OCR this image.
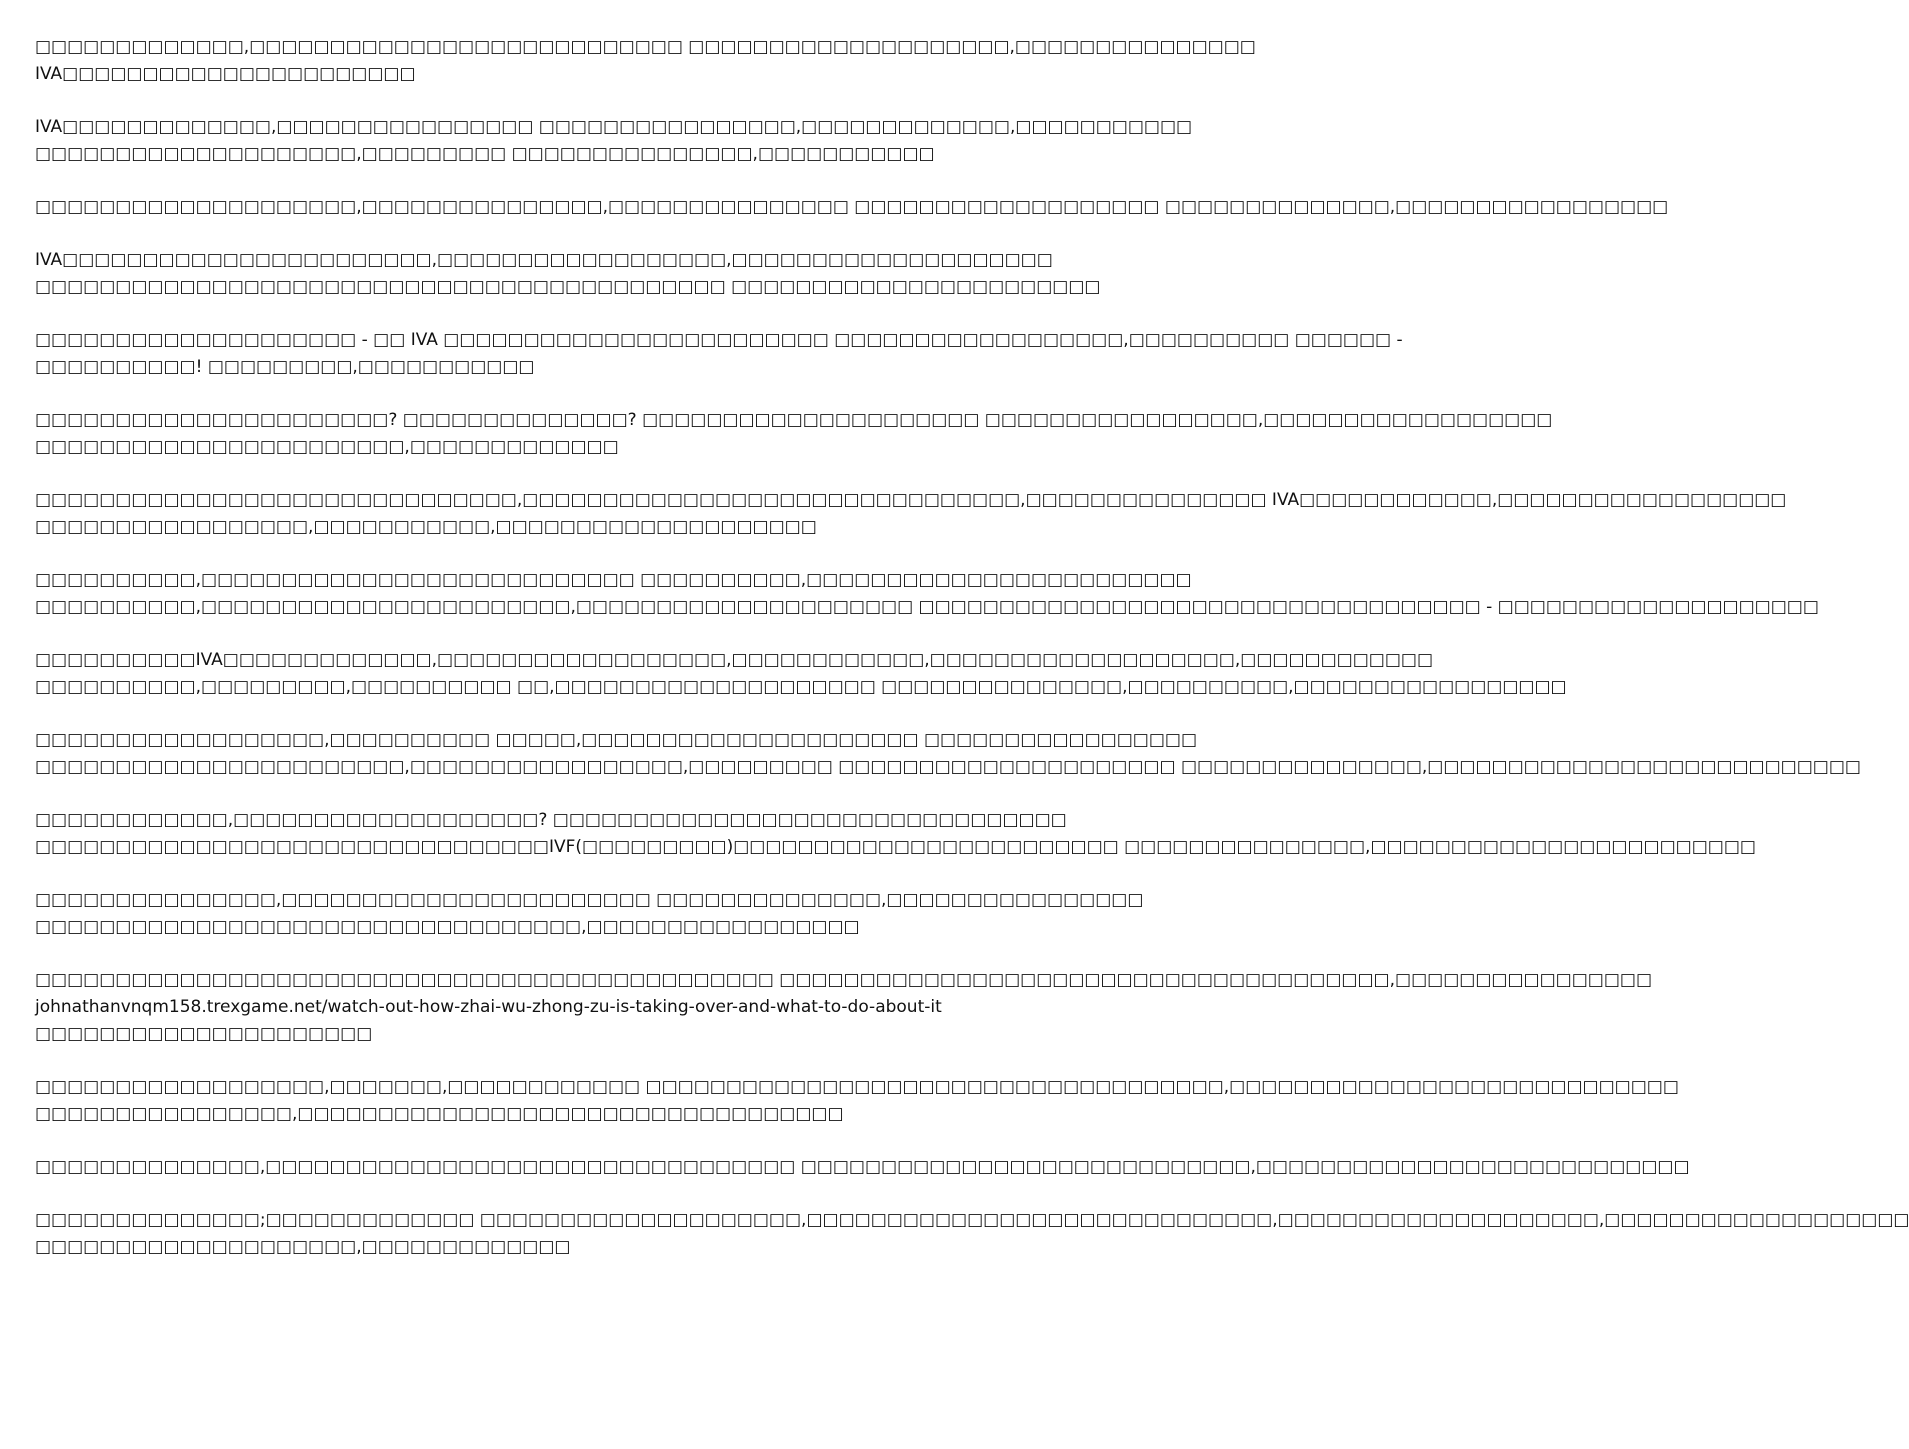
□□□□□□□□□□□□□,□□□□□□□□□□□□□□□□□□□□□□□□□□□ □□□□□□□□□□□□□□□□□□□□,□□□□□□□□□□□□□□□
IVA□□□□□□□□□□□□□□□□□□□□□□

IVA□□□□□□□□□□□□□,□□□□□□□□□□□□□□□□ □□□□□□□□□□□□□□□□,□□□□□□□□□□□□□,□□□□□□□□□□□
□□□□□□□□□□□□□□□□□□□□,□□□□□□□□□ □□□□□□□□□□□□□□□,□□□□□□□□□□□

□□□□□□□□□□□□□□□□□□□□,□□□□□□□□□□□□□□□,□□□□□□□□□□□□□□□ □□□□□□□□□□□□□□□□□□□ □□□□□□□□□□□□□□,□□□□□□□□□□□□□□□□□

IVA□□□□□□□□□□□□□□□□□□□□□□□,□□□□□□□□□□□□□□□□□□,□□□□□□□□□□□□□□□□□□□□
□□□□□□□□□□□□□□□□□□□□□□□□□□□□□□□□□□□□□□□□□□□ □□□□□□□□□□□□□□□□□□□□□□□

□□□□□□□□□□□□□□□□□□□□ - □□ IVA □□□□□□□□□□□□□□□□□□□□□□□□ □□□□□□□□□□□□□□□□□□,□□□□□□□□□□ □□□□□□ -
□□□□□□□□□□! □□□□□□□□□,□□□□□□□□□□□

□□□□□□□□□□□□□□□□□□□□□□? □□□□□□□□□□□□□□? □□□□□□□□□□□□□□□□□□□□□ □□□□□□□□□□□□□□□□□,□□□□□□□□□□□□□□□□□□
□□□□□□□□□□□□□□□□□□□□□□□,□□□□□□□□□□□□□

□□□□□□□□□□□□□□□□□□□□□□□□□□□□□□,□□□□□□□□□□□□□□□□□□□□□□□□□□□□□□□,□□□□□□□□□□□□□□□ IVA□□□□□□□□□□□□,□□□□□□□□□□□□□□□□□□
□□□□□□□□□□□□□□□□□,□□□□□□□□□□□,□□□□□□□□□□□□□□□□□□□□

□□□□□□□□□□,□□□□□□□□□□□□□□□□□□□□□□□□□□□ □□□□□□□□□□,□□□□□□□□□□□□□□□□□□□□□□□□
□□□□□□□□□□,□□□□□□□□□□□□□□□□□□□□□□□,□□□□□□□□□□□□□□□□□□□□□ □□□□□□□□□□□□□□□□□□□□□□□□□□□□□□□□□□□ - □□□□□□□□□□□□□□□□□□□□

□□□□□□□□□□IVA□□□□□□□□□□□□□,□□□□□□□□□□□□□□□□□□,□□□□□□□□□□□□,□□□□□□□□□□□□□□□□□□□,□□□□□□□□□□□□
□□□□□□□□□□,□□□□□□□□□,□□□□□□□□□□ □□,□□□□□□□□□□□□□□□□□□□□ □□□□□□□□□□□□□□□,□□□□□□□□□□,□□□□□□□□□□□□□□□□□

□□□□□□□□□□□□□□□□□□,□□□□□□□□□□ □□□□□,□□□□□□□□□□□□□□□□□□□□□ □□□□□□□□□□□□□□□□□
□□□□□□□□□□□□□□□□□□□□□□□,□□□□□□□□□□□□□□□□□,□□□□□□□□□ □□□□□□□□□□□□□□□□□□□□□ □□□□□□□□□□□□□□□,□□□□□□□□□□□□□□□□□□□□□□□□□□□

□□□□□□□□□□□□,□□□□□□□□□□□□□□□□□□□? □□□□□□□□□□□□□□□□□□□□□□□□□□□□□□□□
□□□□□□□□□□□□□□□□□□□□□□□□□□□□□□□□IVF(□□□□□□□□□)□□□□□□□□□□□□□□□□□□□□□□□□ □□□□□□□□□□□□□□□,□□□□□□□□□□□□□□□□□□□□□□□□

□□□□□□□□□□□□□□□,□□□□□□□□□□□□□□□□□□□□□□□ □□□□□□□□□□□□□□,□□□□□□□□□□□□□□□□
□□□□□□□□□□□□□□□□□□□□□□□□□□□□□□□□□□,□□□□□□□□□□□□□□□□□

□□□□□□□□□□□□□□□□□□□□□□□□□□□□□□□□□□□□□□□□□□□□□□ □□□□□□□□□□□□□□□□□□□□□□□□□□□□□□□□□□□□□□,□□□□□□□□□□□□□□□□
johnathanvnqm158.trexgame.net/watch-out-how-zhai-wu-zhong-zu-is-taking-over-and-what-to-do-about-it
□□□□□□□□□□□□□□□□□□□□□

□□□□□□□□□□□□□□□□□□,□□□□□□□,□□□□□□□□□□□□ □□□□□□□□□□□□□□□□□□□□□□□□□□□□□□□□□□□□,□□□□□□□□□□□□□□□□□□□□□□□□□□□□
□□□□□□□□□□□□□□□□,□□□□□□□□□□□□□□□□□□□□□□□□□□□□□□□□□□

□□□□□□□□□□□□□□,□□□□□□□□□□□□□□□□□□□□□□□□□□□□□□□□□ □□□□□□□□□□□□□□□□□□□□□□□□□□□□,□□□□□□□□□□□□□□□□□□□□□□□□□□□

□□□□□□□□□□□□□□;□□□□□□□□□□□□□ □□□□□□□□□□□□□□□□□□□□,□□□□□□□□□□□□□□□□□□□□□□□□□□□□□,□□□□□□□□□□□□□□□□□□□□,□□□□□□□□□□□□□□□□□□□
□□□□□□□□□□□□□□□□□□□□,□□□□□□□□□□□□□
